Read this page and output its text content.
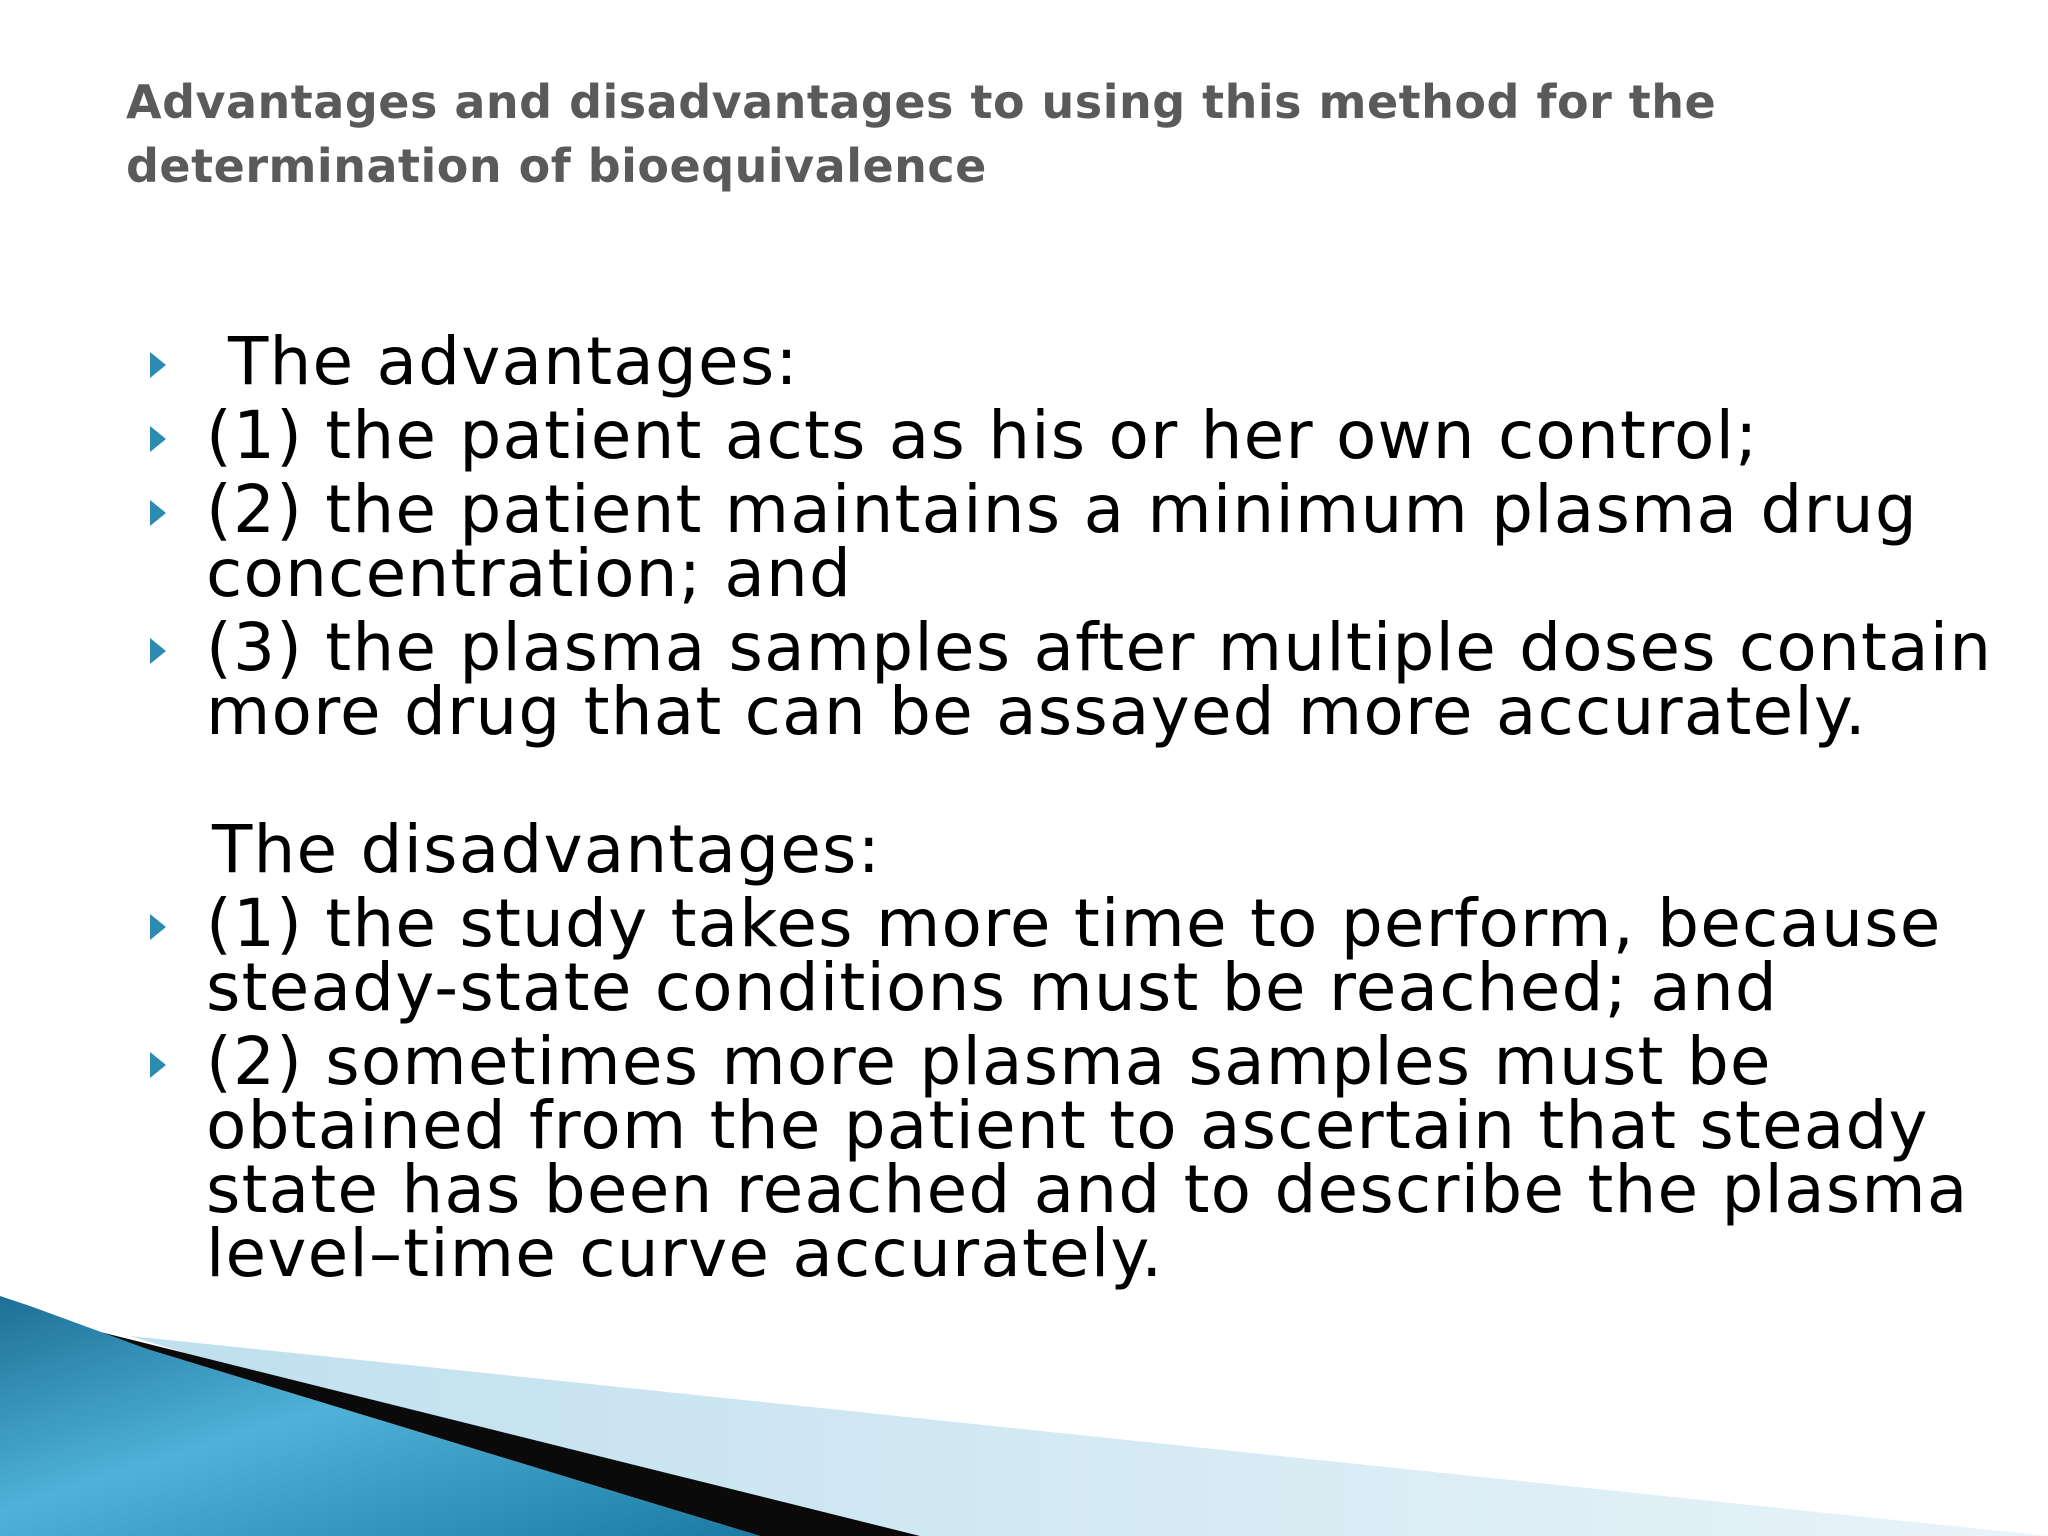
Advantages and disadvantages to using this method for the
determination of bioequivalence
The advantages:
(1) the patient acts as his or her own control;
(2) the patient maintains a minimum plasma drug
concentration; and
(3) the plasma samples after multiple doses contain
more drug that can be assayed more accurately.
The disadvantages:
(1) the study takes more time to perform, because
steady-state conditions must be reached; and
(2) sometimes more plasma samples must be
obtained from the patient to ascertain that steady
state has been reached and to describe the plasma
level–time curve accurately.
